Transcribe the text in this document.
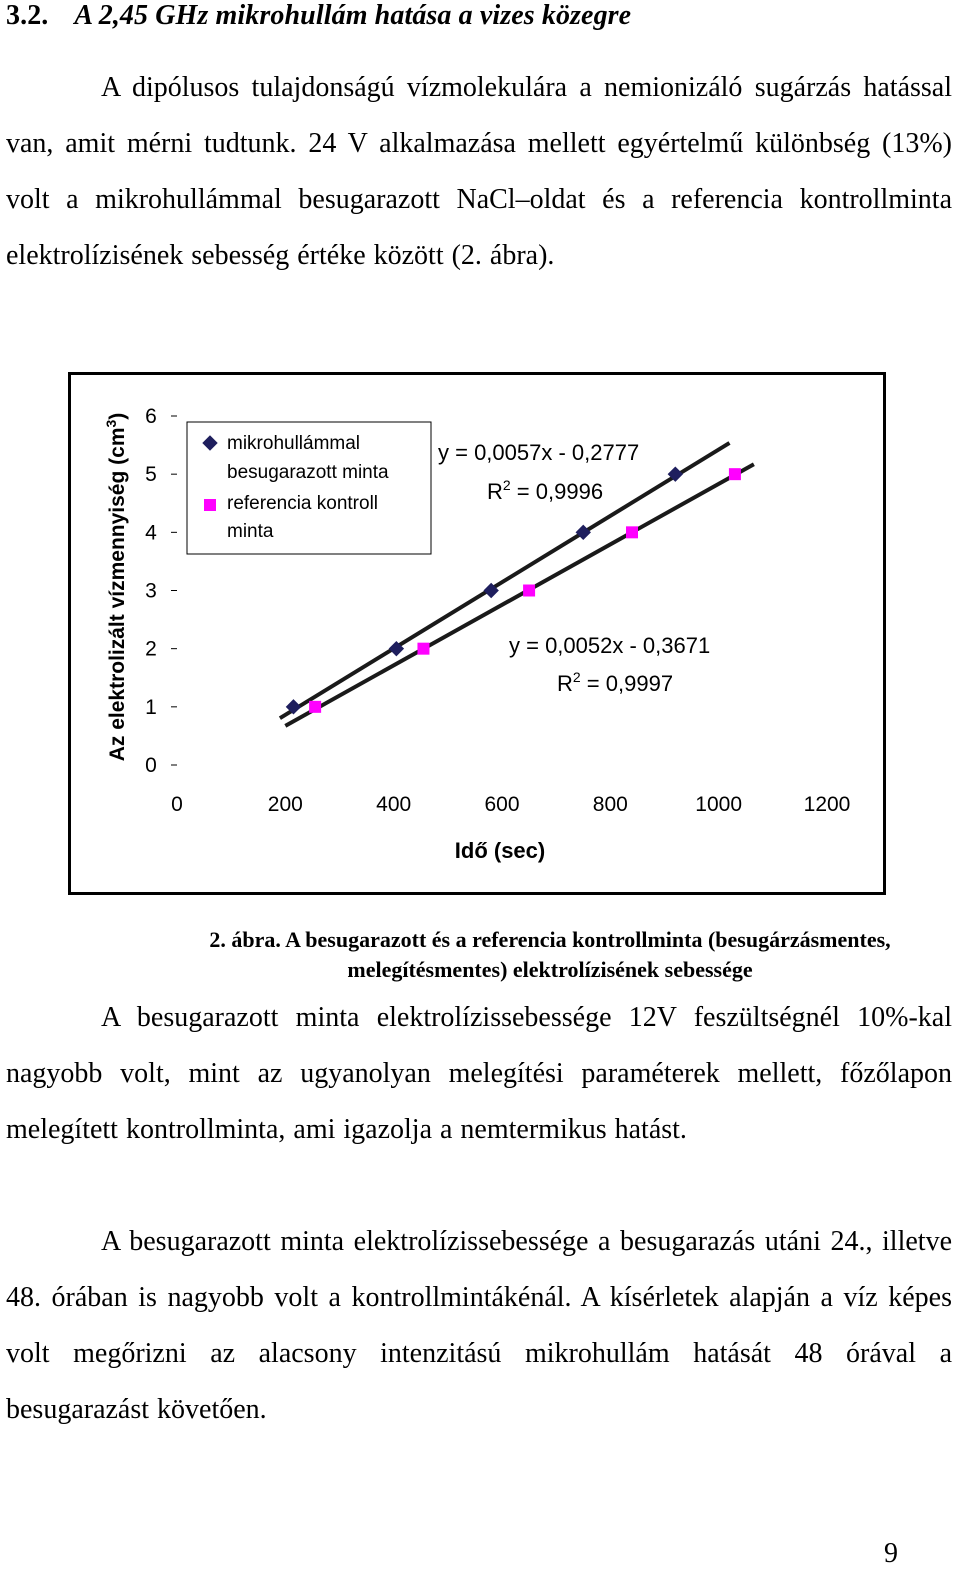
3.2. A 2,45 GHz mikrohullám hatása a vizes közegre

A dipólusos tulajdonságú vízmolekulára a nemionizáló sugárzás hatással van, amit mérni tudtunk. 24 V alkalmazása mellett egyértelmű különbség (13%) volt a mikrohullámmal besugarazott NaCl–oldat és a referencia kontrollminta elektrolízisének sebesség értéke között (2. ábra).

0
1
2
3
4
5
6
0	200	400	600	800	1000	1200
mikrohullámmal
besugarazott minta
referencia kontroll
minta
y = 0,0057x - 0,2777
$R^2 = 0,9996$
y = 0,0052x - 0,3671
$R^2 = 0,9997$
Idő (sec)
Az elektrolizált vízmennyiség $(cm^3)$

2. ábra. A besugarazott és a referencia kontrollminta (besugárzásmentes, melegítésmentes) elektrolízisének sebessége

A besugarazott minta elektrolízissebessége 12V feszültségnél 10%-kal nagyobb volt, mint az ugyanolyan melegítési paraméterek mellett, főzőlapon melegített kontrollminta, ami igazolja a nemtermikus hatást.

A besugarazott minta elektrolízissebessége a besugarazás utáni 24., illetve 48. órában is nagyobb volt a kontrollmintákénál. A kísérletek alapján a víz képes volt megőrizni az alacsony intenzitású mikrohullám hatását 48 órával a besugarazást követően.

9
